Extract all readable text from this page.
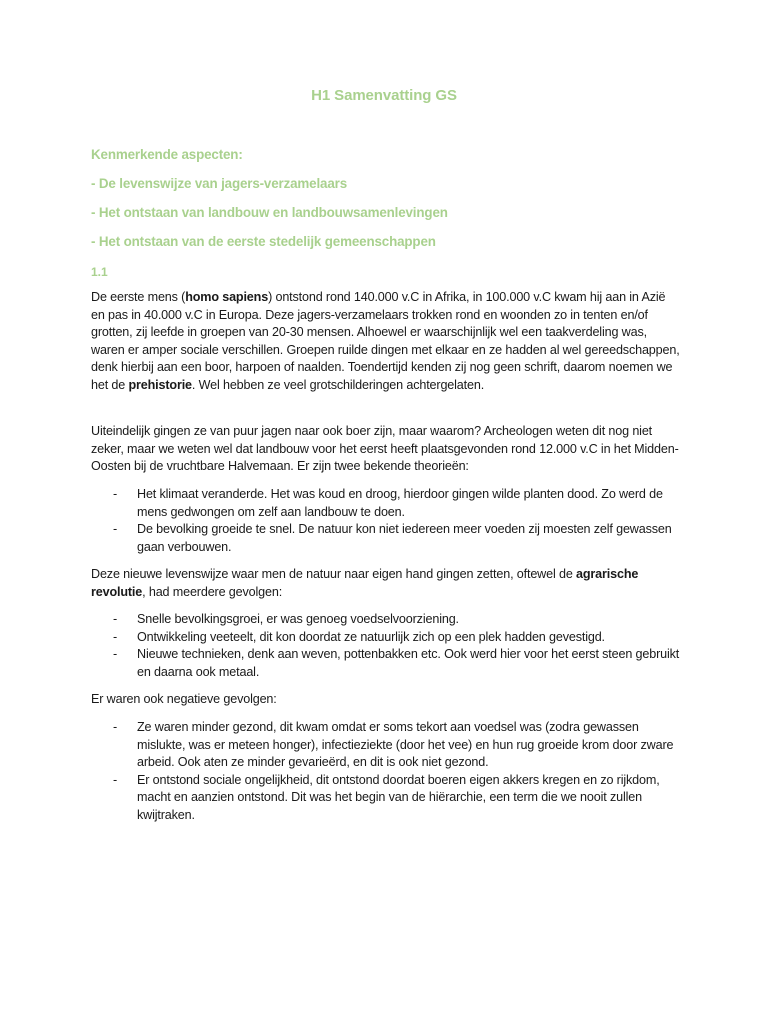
H1 Samenvatting GS
Kenmerkende aspecten:
- De levenswijze van jagers-verzamelaars
- Het ontstaan van landbouw en landbouwsamenlevingen
- Het ontstaan van de eerste stedelijk gemeenschappen
1.1

De eerste mens (homo sapiens) ontstond rond 140.000 v.C in Afrika, in 100.000 v.C kwam hij aan in Azië en pas in 40.000 v.C in Europa. Deze jagers-verzamelaars trokken rond en woonden zo in tenten en/of grotten, zij leefde in groepen van 20-30 mensen. Alhoewel er waarschijnlijk wel een taakverdeling was, waren er amper sociale verschillen. Groepen ruilde dingen met elkaar en ze hadden al wel gereedschappen, denk hierbij aan een boor, harpoen of naalden. Toendertijd kenden zij nog geen schrift, daarom noemen we het de prehistorie. Wel hebben ze veel grotschilderingen achtergelaten.

Uiteindelijk gingen ze van puur jagen naar ook boer zijn, maar waarom? Archeologen weten dit nog niet zeker, maar we weten wel dat landbouw voor het eerst heeft plaatsgevonden rond 12.000 v.C in het Midden-Oosten bij de vruchtbare Halvemaan. Er zijn twee bekende theorieën:

- Het klimaat veranderde. Het was koud en droog, hierdoor gingen wilde planten dood. Zo werd de mens gedwongen om zelf aan landbouw te doen.
- De bevolking groeide te snel. De natuur kon niet iedereen meer voeden zij moesten zelf gewassen gaan verbouwen.

Deze nieuwe levenswijze waar men de natuur naar eigen hand gingen zetten, oftewel de agrarische revolutie, had meerdere gevolgen:

- Snelle bevolkingsgroei, er was genoeg voedselvoorziening.
- Ontwikkeling veeteelt, dit kon doordat ze natuurlijk zich op een plek hadden gevestigd.
- Nieuwe technieken, denk aan weven, pottenbakken etc. Ook werd hier voor het eerst steen gebruikt en daarna ook metaal.

Er waren ook negatieve gevolgen:

- Ze waren minder gezond, dit kwam omdat er soms tekort aan voedsel was (zodra gewassen mislukte, was er meteen honger), infectieziekte (door het vee) en hun rug groeide krom door zware arbeid. Ook aten ze minder gevarieërd, en dit is ook niet gezond.
- Er ontstond sociale ongelijkheid, dit ontstond doordat boeren eigen akkers kregen en zo rijkdom, macht en aanzien ontstond. Dit was het begin van de hiërarchie, een term die we nooit zullen kwijtraken.
